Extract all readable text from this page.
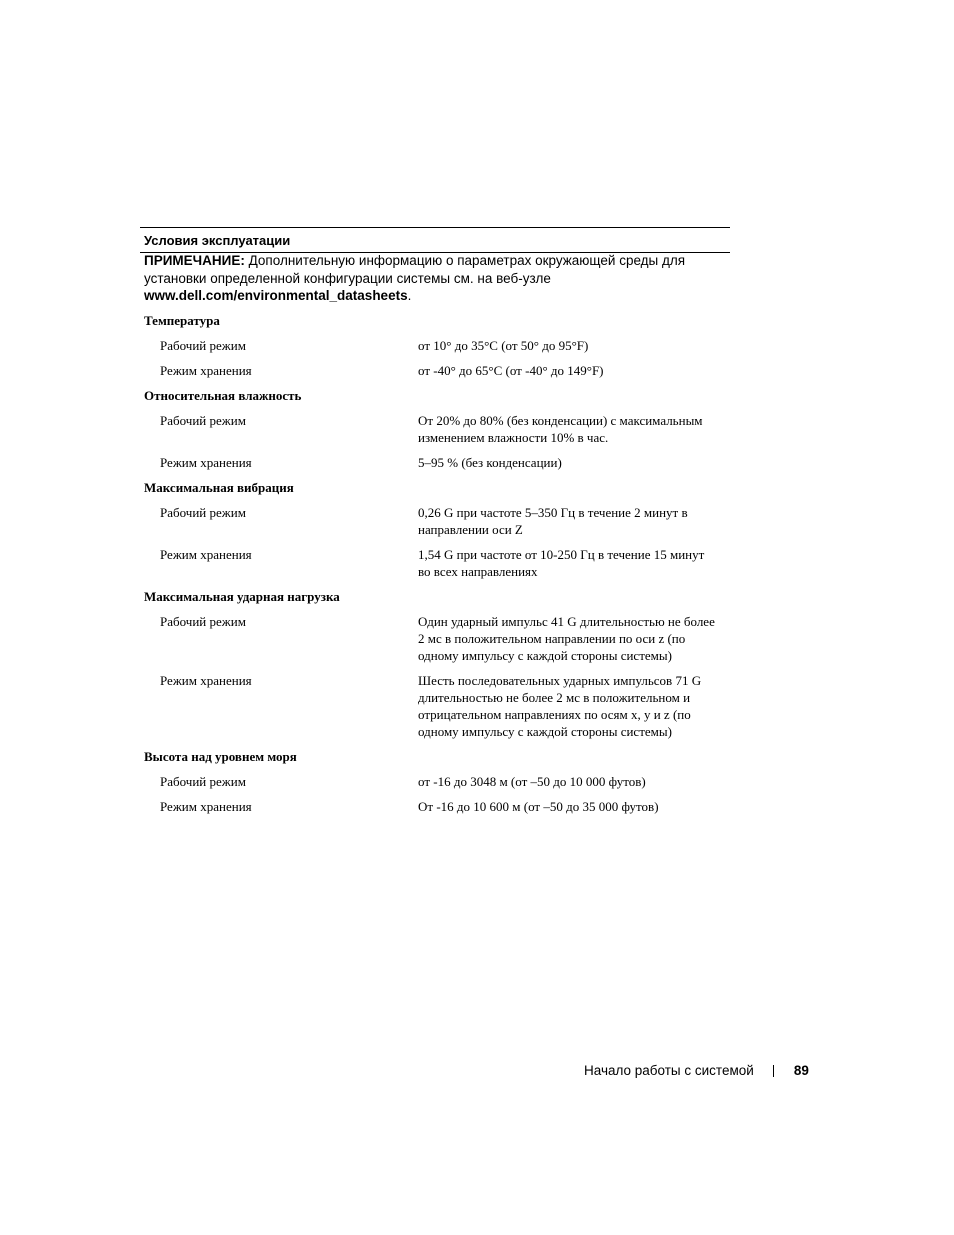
Условия эксплуатации
ПРИМЕЧАНИЕ: Дополнительную информацию о параметрах окружающей среды для установки определенной конфигурации системы см. на веб-узле
www.dell.com/environmental_datasheets.
Температура
Рабочий режим	от 10° до 35°C (от 50° до 95°F)
Режим хранения	от -40° до 65°C (от -40° до 149°F)
Относительная влажность
Рабочий режим	От 20% до 80% (без конденсации) с максимальным изменением влажности 10% в час.
Режим хранения	5–95 % (без конденсации)
Максимальная вибрация
Рабочий режим	0,26 G при частоте 5–350 Гц в течение 2 минут в направлении оси Z
Режим хранения	1,54 G при частоте от 10-250 Гц в течение 15 минут во всех направлениях
Максимальная ударная нагрузка
Рабочий режим	Один ударный импульс 41 G длительностью не более 2 мс в положительном направлении по оси z (по одному импульсу с каждой стороны системы)
Режим хранения	Шесть последовательных ударных импульсов 71 G длительностью не более 2 мс в положительном и отрицательном направлениях по осям x, y и z (по одному импульсу с каждой стороны системы)
Высота над уровнем моря
Рабочий режим	от -16 до 3048 м (от –50 до 10 000 футов)
Режим хранения	От -16 до 10 600 м (от –50 до 35 000 футов)
Начало работы с системой	89
